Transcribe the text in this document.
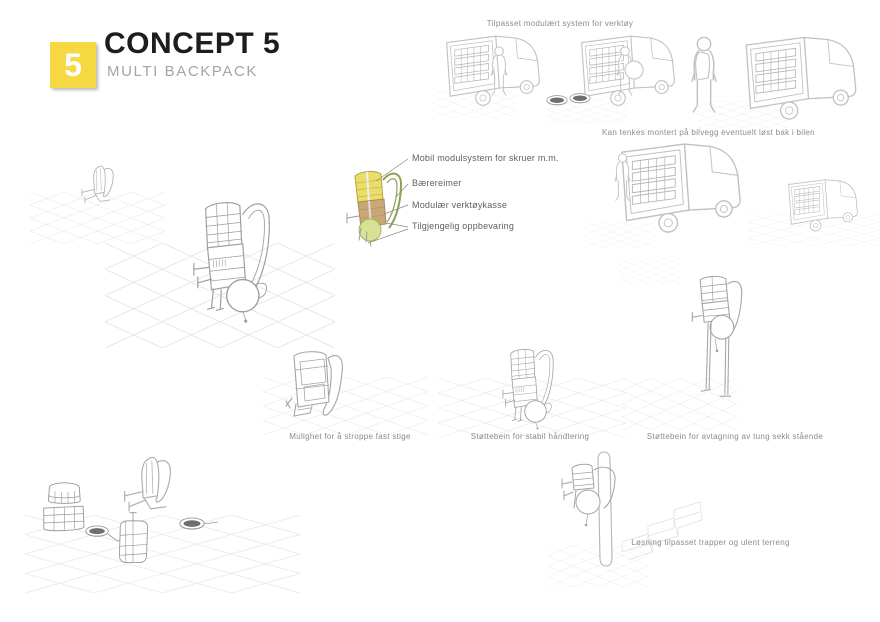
5
CONCEPT 5
MULTI BACKPACK
Tilpasset modulært system for verktøy
Kan tenkes montert på bilvegg eventuelt løst bak i bilen
Mulighet for å stroppe fast stige	Støttebein for stabil håndtering	Støttebein for avtagning av tung sekk stående
Løsning tilpasset trapper og ulent terreng
Mobil modulsystem for skruer m.m.
Bærereimer
Modulær verktøykasse
Tilgjengelig oppbevaring
